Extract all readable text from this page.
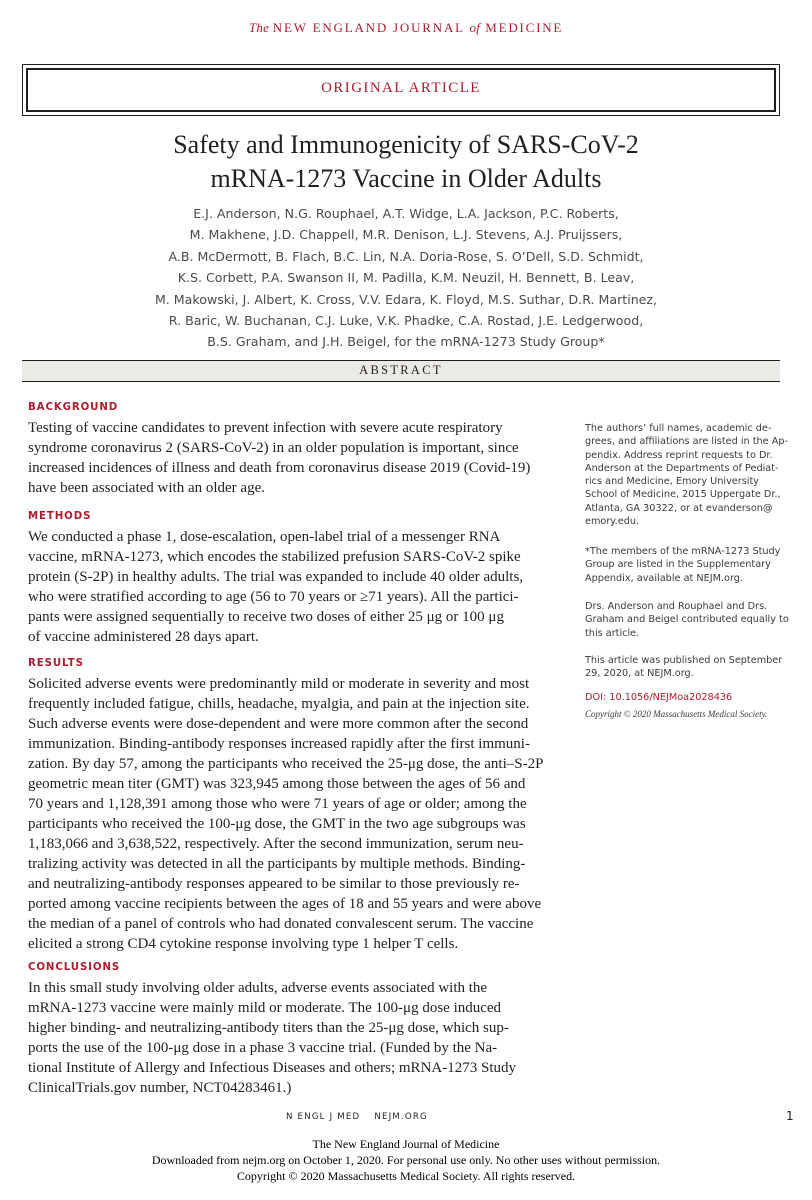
The NEW ENGLAND JOURNAL of MEDICINE
ORIGINAL ARTICLE
Safety and Immunogenicity of SARS-CoV-2
mRNA-1273 Vaccine in Older Adults
E.J. Anderson, N.G. Rouphael, A.T. Widge, L.A. Jackson, P.C. Roberts,
M. Makhene, J.D. Chappell, M.R. Denison, L.J. Stevens, A.J. Pruijssers,
A.B. McDermott, B. Flach, B.C. Lin, N.A. Doria-Rose, S. O’Dell, S.D. Schmidt,
K.S. Corbett, P.A. Swanson II, M. Padilla, K.M. Neuzil, H. Bennett, B. Leav,
M. Makowski, J. Albert, K. Cross, V.V. Edara, K. Floyd, M.S. Suthar, D.R. Martinez,
R. Baric, W. Buchanan, C.J. Luke, V.K. Phadke, C.A. Rostad, J.E. Ledgerwood,
B.S. Graham, and J.H. Beigel, for the mRNA-1273 Study Group*
ABSTRACT
BACKGROUND
Testing of vaccine candidates to prevent infection with severe acute respiratory
syndrome coronavirus 2 (SARS-CoV-2) in an older population is important, since
increased incidences of illness and death from coronavirus disease 2019 (Covid-19)
have been associated with an older age.
METHODS
We conducted a phase 1, dose-escalation, open-label trial of a messenger RNA
vaccine, mRNA-1273, which encodes the stabilized prefusion SARS-CoV-2 spike
protein (S-2P) in healthy adults. The trial was expanded to include 40 older adults,
who were stratified according to age (56 to 70 years or ≥71 years). All the partici-
pants were assigned sequentially to receive two doses of either 25 μg or 100 μg
of vaccine administered 28 days apart.
RESULTS
Solicited adverse events were predominantly mild or moderate in severity and most
frequently included fatigue, chills, headache, myalgia, and pain at the injection site.
Such adverse events were dose-dependent and were more common after the second
immunization. Binding-antibody responses increased rapidly after the first immuni-
zation. By day 57, among the participants who received the 25-μg dose, the anti–S-2P
geometric mean titer (GMT) was 323,945 among those between the ages of 56 and
70 years and 1,128,391 among those who were 71 years of age or older; among the
participants who received the 100-μg dose, the GMT in the two age subgroups was
1,183,066 and 3,638,522, respectively. After the second immunization, serum neu-
tralizing activity was detected in all the participants by multiple methods. Binding-
and neutralizing-antibody responses appeared to be similar to those previously re-
ported among vaccine recipients between the ages of 18 and 55 years and were above
the median of a panel of controls who had donated convalescent serum. The vaccine
elicited a strong CD4 cytokine response involving type 1 helper T cells.
CONCLUSIONS
In this small study involving older adults, adverse events associated with the
mRNA-1273 vaccine were mainly mild or moderate. The 100-μg dose induced
higher binding- and neutralizing-antibody titers than the 25-μg dose, which sup-
ports the use of the 100-μg dose in a phase 3 vaccine trial. (Funded by the Na-
tional Institute of Allergy and Infectious Diseases and others; mRNA-1273 Study
ClinicalTrials.gov number, NCT04283461.)
The authors’ full names, academic de-
grees, and affiliations are listed in the Ap-
pendix. Address reprint requests to Dr.
Anderson at the Departments of Pediat-
rics and Medicine, Emory University
School of Medicine, 2015 Uppergate Dr.,
Atlanta, GA 30322, or at evanderson@
emory.edu.
*The members of the mRNA-1273 Study
Group are listed in the Supplementary
Appendix, available at NEJM.org.
Drs. Anderson and Rouphael and Drs.
Graham and Beigel contributed equally to
this article.
This article was published on September
29, 2020, at NEJM.org.
DOI: 10.1056/NEJMoa2028436
Copyright © 2020 Massachusetts Medical Society.
N ENGL J MED NEJM.ORG	1
The New England Journal of Medicine
Downloaded from nejm.org on October 1, 2020. For personal use only. No other uses without permission.
Copyright © 2020 Massachusetts Medical Society. All rights reserved.
